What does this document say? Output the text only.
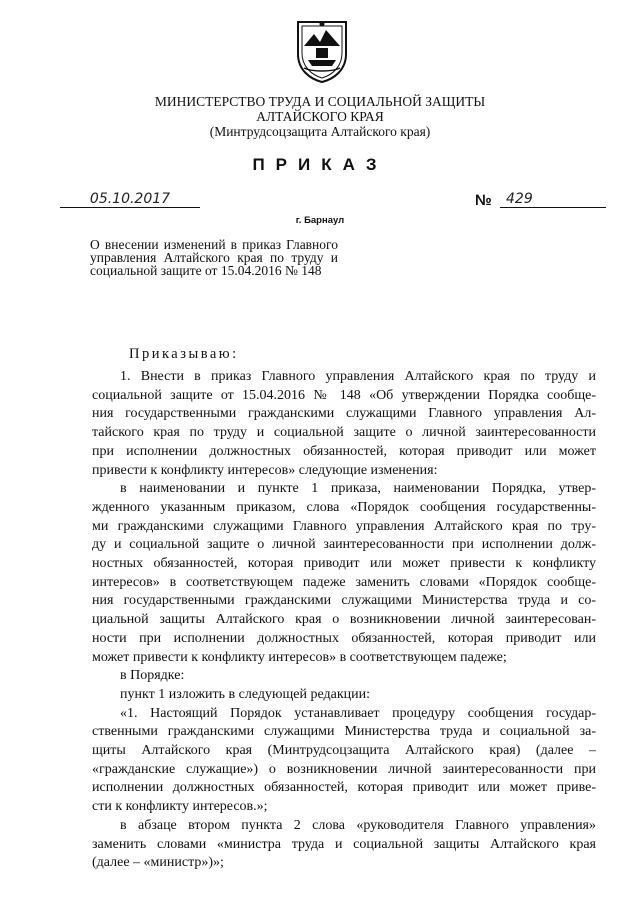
МИНИСТЕРСТВО ТРУДА И СОЦИАЛЬНОЙ ЗАЩИТЫ
АЛТАЙСКОГО КРАЯ
(Минтрудсоцзащита Алтайского края)
ПРИКАЗ
05.10.2017	№	429
г. Барнаул
О внесении изменений в приказ Главного управления Алтайского края по труду и социальной защите от 15.04.2016 № 148
Приказываю:

1. Внести в приказ Главного управления Алтайского края по труду и
социальной защите от 15.04.2016 № 148 «Об утверждении Порядка сообще-
ния государственными гражданскими служащими Главного управления Ал-
тайского края по труду и социальной защите о личной заинтересованности
при исполнении должностных обязанностей, которая приводит или может
привести к конфликту интересов» следующие изменения:

в наименовании и пункте 1 приказа, наименовании Порядка, утвер-
жденного указанным приказом, слова «Порядок сообщения государственны-
ми гражданскими служащими Главного управления Алтайского края по тру-
ду и социальной защите о личной заинтересованности при исполнении долж-
ностных обязанностей, которая приводит или может привести к конфликту
интересов» в соответствующем падеже заменить словами «Порядок сообще-
ния государственными гражданскими служащими Министерства труда и со-
циальной защиты Алтайского края о возникновении личной заинтересован-
ности при исполнении должностных обязанностей, которая приводит или
может привести к конфликту интересов» в соответствующем падеже;

в Порядке:

пункт 1 изложить в следующей редакции:

«1. Настоящий Порядок устанавливает процедуру сообщения государ-
ственными гражданскими служащими Министерства труда и социальной за-
щиты Алтайского края (Минтрудсоцзащита Алтайского края) (далее –
«гражданские служащие») о возникновении личной заинтересованности при
исполнении должностных обязанностей, которая приводит или может приве-
сти к конфликту интересов.»;

в абзаце втором пункта 2 слова «руководителя Главного управления»
заменить словами «министра труда и социальной защиты Алтайского края
(далее – «министр»)»;
